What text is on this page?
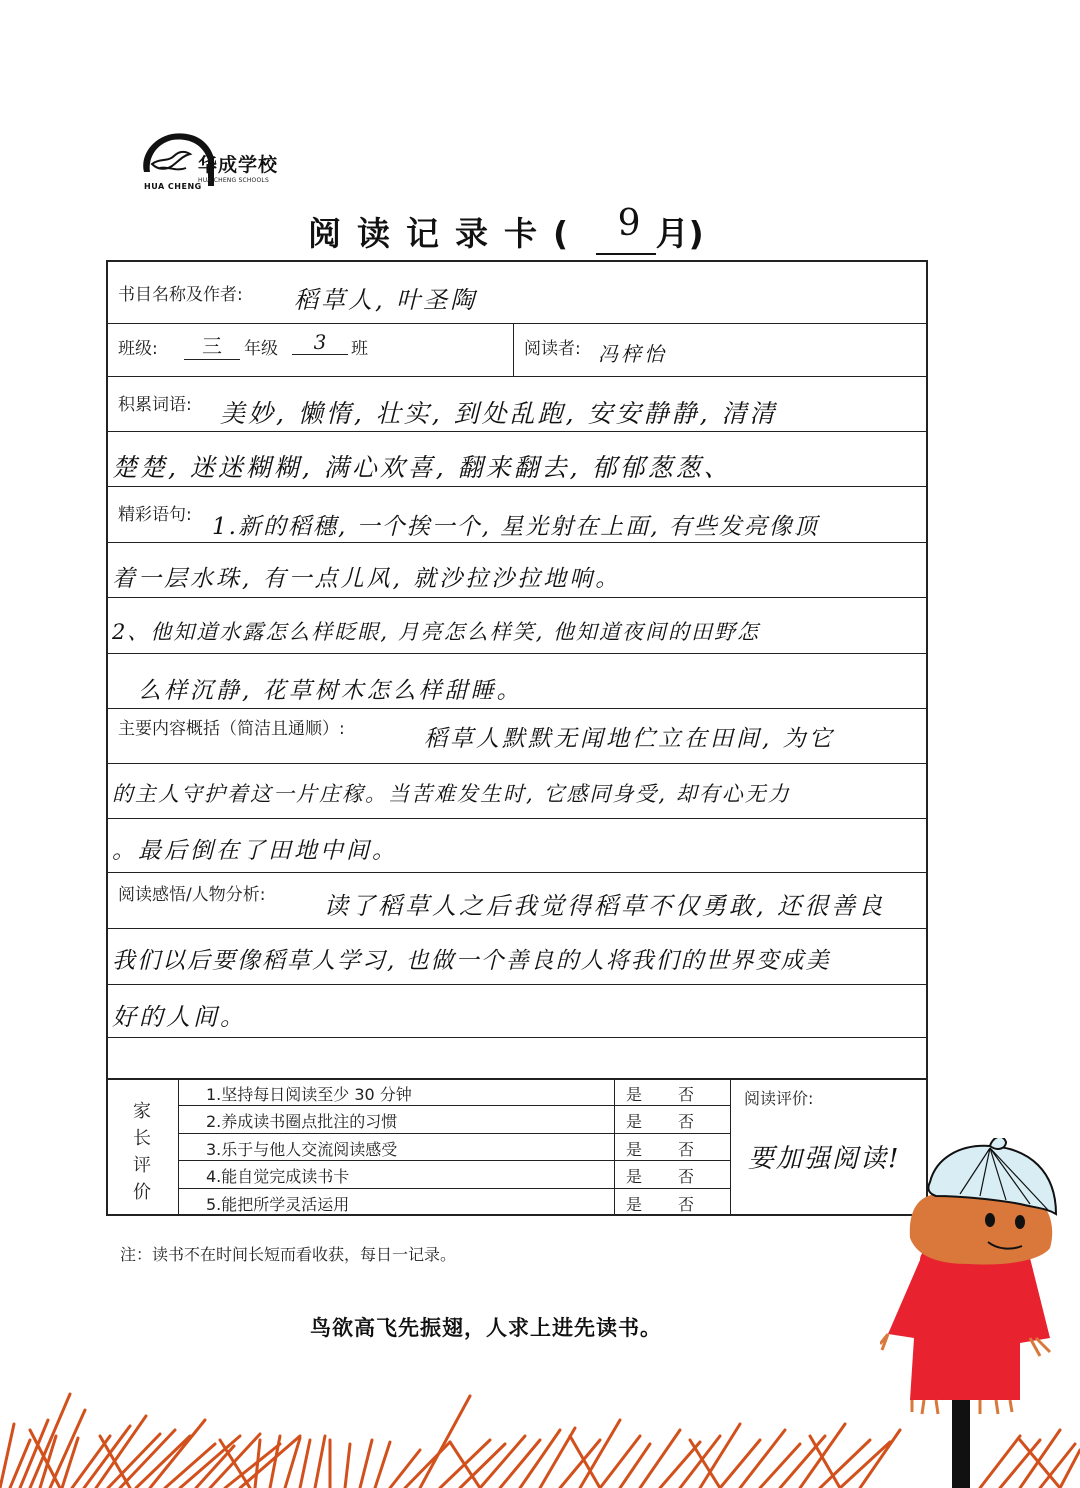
华成学校
HUA CHENG SCHOOLS
HUA CHENG
阅读记录卡( 9 月)
书目名称及作者: 稻草人, 叶圣陶
班级:	三	年级	3	班	阅读者: 冯梓怡
积累词语: 美妙, 懒惰, 壮实, 到处乱跑, 安安静静, 清清
楚楚, 迷迷糊糊, 满心欢喜, 翻来翻去, 郁郁葱葱、
精彩语句: 1.新的稻穗, 一个挨一个, 星光射在上面, 有些发亮像顶
着一层水珠, 有一点儿风, 就沙拉沙拉地响。
2、他知道水露怎么样眨眼, 月亮怎么样笑, 他知道夜间的田野怎
么样沉静, 花草树木怎么样甜睡。
主要内容概括（简洁且通顺）:	稻草人默默无闻地伫立在田间, 为它
的主人守护着这一片庄稼。当苦难发生时, 它感同身受, 却有心无力
。最后倒在了田地中间。
阅读感悟/人物分析: 读了稻草人之后我觉得稻草不仅勇敢, 还很善良
我们以后要像稻草人学习, 也做一个善良的人将我们的世界变成美
好的人间。
家长评价
1.坚持每日阅读至少 30 分钟	是 否
2.养成读书圈点批注的习惯	是 否
3.乐于与他人交流阅读感受	是 否
4.能自觉完成读书卡	是 否
5.能把所学灵活运用	是 否
阅读评价:
要加强阅读!
注：读书不在时间长短而看收获，每日一记录。
鸟欲高飞先振翅，人求上进先读书。
